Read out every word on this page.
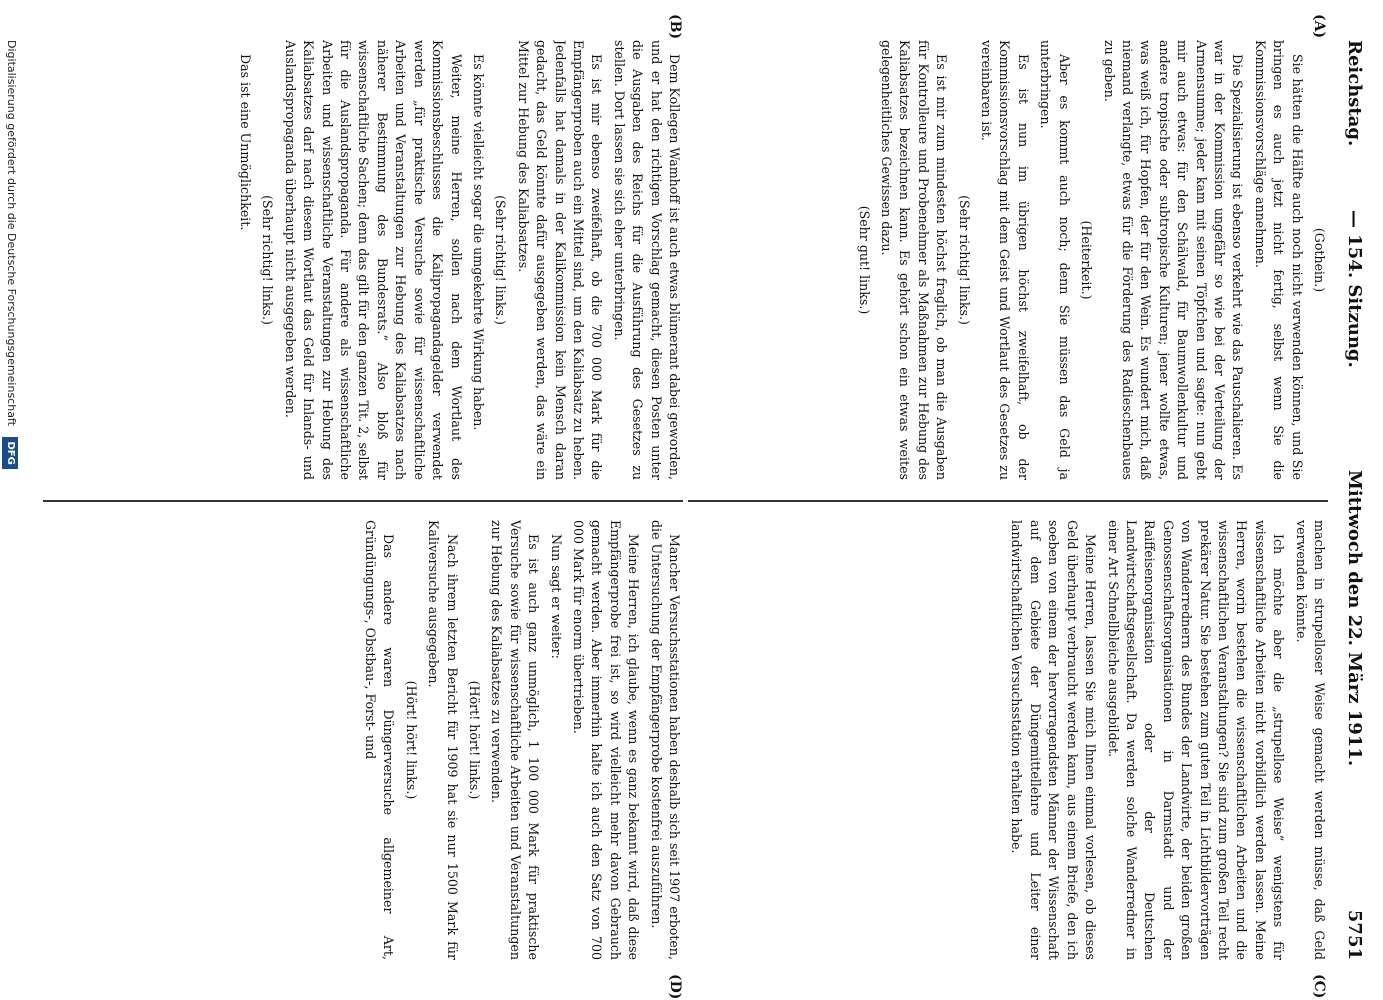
Reichstag.
— 154. Sitzung.
Mittwoch den 22. März 1911.
5751
(A)
(B)
(C)
(D)

(Gothein.)

Sie hätten die Hälfte auch noch nicht verwenden können, und Sie bringen es auch jetzt nicht fertig, selbst wenn Sie die Kommissionsvorschläge annehmen.

Die Spezialisierung ist ebenso verkehrt wie das Pauschalieren. Es war in der Kommission ungefähr so wie bei der Verteilung der Armensumme; jeder kam mit seinen Töpfchen und sagte: nun gebt mir auch etwas: für den Schälwald, für Baumwollenkultur und andere tropische oder subtropische Kulturen; jener wollte etwas, was weiß ich, für Hopfen, der für den Wein. Es wundert mich, daß niemand verlangte, etwas für die Förderung des Radieschenbaues zu geben.

(Heiterkeit.)

Aber es kommt auch noch; denn Sie müssen das Geld ja unterbringen.

Es ist nun im übrigen höchst zweifelhaft, ob der Kommissionsvorschlag mit dem Geist und Wortlaut des Gesetzes zu vereinbaren ist.

(Sehr richtig! links.)

Es ist mir zum mindesten höchst fraglich, ob man die Ausgaben für Kontrolleure und Probenehmer als Maßnahmen zur Hebung des Kaliabsatzes bezeichnen kann. Es gehört schon ein etwas weites gelegenheitliches Gewissen dazu.

(Sehr gut! links.)

machen in strupelloser Weise gemacht werden müsse, daß Geld verwenden könnte.

Ich möchte aber die „strupellose Weise“ wenigstens für wissenschaftliche Arbeiten nicht vorbildlich werden lassen. Meine Herren, worin bestehen die wissenschaftlichen Arbeiten und die wissenschaftlichen Veranstaltungen? Sie sind zum großen Teil recht prekärer Natur. Sie bestehen zum guten Teil in Lichtbildervorträgen von Wanderrednern des Bundes der Landwirte, der beiden großen Genossenschaftsorganisationen in Darmstadt und der Raiffeisenorganisation oder der Deutschen Landwirtschaftsgesellschaft. Da werden solche Wanderredner in einer Art Schnellbleiche ausgebildet.

Meine Herren, lassen Sie mich Ihnen einmal vorlesen, ob dieses Geld überhaupt verbraucht werden kann, aus einem Briefe, den ich soeben von einem der hervorragendsten Männer der Wissenschaft auf dem Gebiete der Düngemittellehre und Leiter einer landwirtschaftlichen Versuchsstation erhalten habe.

Dem Kollegen Wamhoff ist auch etwas blümerant dabei geworden, und er hat den richtigen Vorschlag gemacht, diesen Posten unter die Ausgaben des Reichs für die Ausführung des Gesetzes zu stellen. Dort lassen sie sich eher unterbringen.

Es ist mir ebenso zweifelhaft, ob die 700 000 Mark für die Empfängerproben auch ein Mittel sind, um den Kaliabsatz zu heben. Jedenfalls hat damals in der Kalikommission kein Mensch daran gedacht, das Geld könnte dafür ausgegeben werden, das wäre ein Mittel zur Hebung des Kaliabsatzes.

(Sehr richtig! links.)

Es könnte vielleicht sogar die umgekehrte Wirkung haben.

Weiter, meine Herren, sollen nach dem Wortlaut des Kommissionsbeschlusses die Kalipropagandagelder verwendet werden „für praktische Versuche sowie für wissenschaftliche Arbeiten und Veranstaltungen zur Hebung des Kaliabsatzes nach näherer Bestimmung des Bundesrats.“ Also bloß für wissenschaftliche Sachen; denn das gilt für den ganzen Tit. 2, selbst für die Auslandspropaganda. Für andere als wissenschaftliche Arbeiten und wissenschaftliche Veranstaltungen zur Hebung des Kaliabsatzes darf nach diesem Wortlaut das Geld für Inlands- und Auslandspropaganda überhaupt nicht ausgegeben werden.

(Sehr richtig! links.)

Das ist eine Unmöglichkeit.

Mancher Versuchsstationen haben deshalb sich seit 1907 erboten, die Untersuchung der Empfängerprobe kostenfrei auszuführen.

Meine Herren, ich glaube, wenn es ganz bekannt wird, daß diese Empfängerprobe frei ist, so wird vielleicht mehr davon Gebrauch gemacht werden. Aber immerhin halte ich auch den Satz von 700 000 Mark für enorm übertrieben.

Nun sagt er weiter:

Es ist auch ganz unmöglich, 1 100 000 Mark für praktische Versuche sowie für wissenschaftliche Arbeiten und Veranstaltungen zur Hebung des Kaliabsatzes zu verwenden.

(Hört! hört! links.)

Nach ihrem letzten Bericht für 1909 hat sie nur 1500 Mark für Kaliversuche ausgegeben.

(Hört! hört! links.)

Das andere waren Düngerversuche allgemeiner Art, Gründüngungs-, Obstbau-, Forst- und

Digitalisierung gefördert durch die Deutsche Forschungsgemeinschaft DFG
